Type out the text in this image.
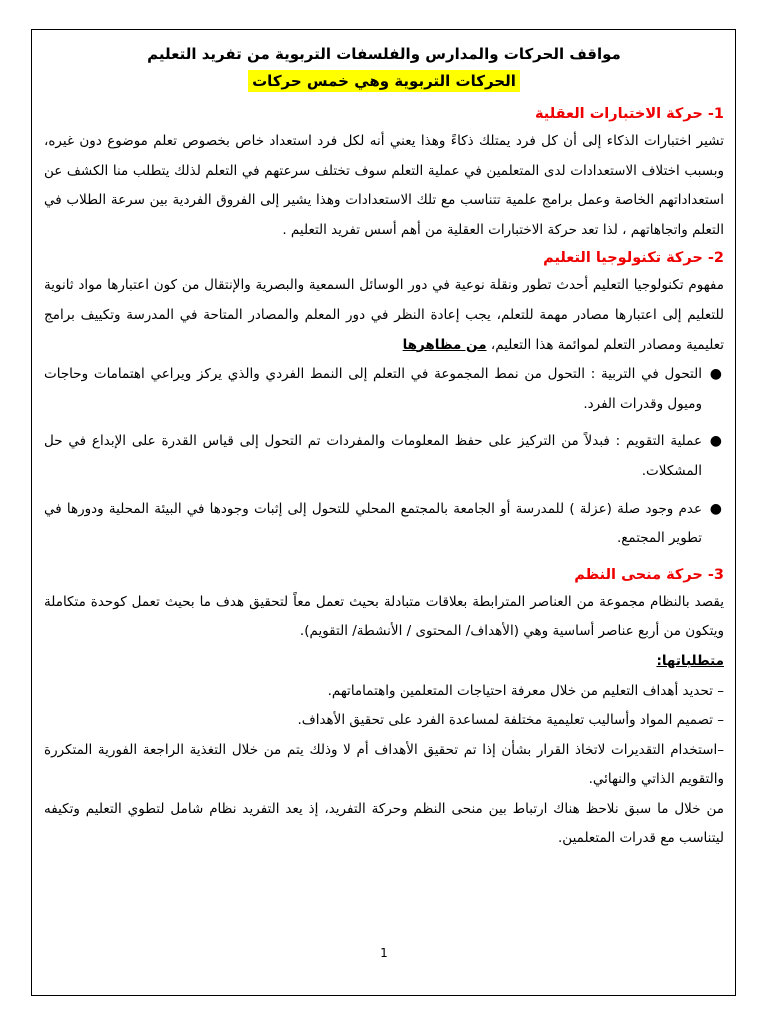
مواقف الحركات والمدارس والفلسفات التربوية من تفريد التعليم
الحركات التربوية وهي خمس حركات
1- حركة الاختبارات العقلية

تشير اختبارات الذكاء إلى أن كل فرد يمتلك ذكاءً وهذا يعني أنه لكل فرد استعداد خاص بخصوص تعلم موضوع دون غيره، وبسبب اختلاف الاستعدادات لدى المتعلمين في عملية التعلم سوف تختلف سرعتهم في التعلم لذلك يتطلب منا الكشف عن استعداداتهم الخاصة وعمل برامج علمية تتناسب مع تلك الاستعدادات وهذا يشير إلى الفروق الفردية بين سرعة الطلاب في التعلم واتجاهاتهم ، لذا تعد حركة الاختبارات العقلية من أهم أسس تفريد التعليم .

2- حركة تكنولوجيا التعليم

مفهوم تكنولوجيا التعليم أحدث تطور ونقلة نوعية في دور الوسائل السمعية والبصرية والإنتقال من كون اعتبارها مواد ثانوية للتعليم إلى اعتبارها مصادر مهمة للتعلم، يجب إعادة النظر في دور المعلم والمصادر المتاحة في المدرسة وتكييف برامج تعليمية ومصادر التعلم لموائمة هذا التعليم، من مظاهرها

●
التحول في التربية : التحول من نمط المجموعة في التعلم إلى النمط الفردي والذي يركز ويراعي اهتمامات وحاجات وميول وقدرات الفرد.
●
عملية التقويم : فبدلاً من التركيز على حفظ المعلومات والمفردات تم التحول إلى قياس القدرة على الإبداع في حل المشكلات.
●
عدم وجود صلة (عزلة ) للمدرسة أو الجامعة بالمجتمع المحلي للتحول إلى إثبات وجودها في البيئة المحلية ودورها في تطوير المجتمع.
3- حركة منحى النظم

يقصد بالنظام مجموعة من العناصر المترابطة بعلاقات متبادلة بحيث تعمل معاً لتحقيق هدف ما بحيث تعمل كوحدة متكاملة ويتكون من أربع عناصر أساسية وهي (الأهداف/ المحتوى / الأنشطة/ التقويم).

متطلباتها:

– تحديد أهداف التعليم من خلال معرفة احتياجات المتعلمين واهتماماتهم.

– تصميم المواد وأساليب تعليمية مختلفة لمساعدة الفرد على تحقيق الأهداف.

–استخدام التقديرات لاتخاذ القرار بشأن إذا تم تحقيق الأهداف أم لا وذلك يتم من خلال التغذية الراجعة الفورية المتكررة والتقويم الذاتي والنهائي.

من خلال ما سبق نلاحظ هناك ارتباط بين منحى النظم وحركة التفريد، إذ يعد التفريد نظام شامل لتطوي التعليم وتكيفه ليتناسب مع قدرات المتعلمين.

1
